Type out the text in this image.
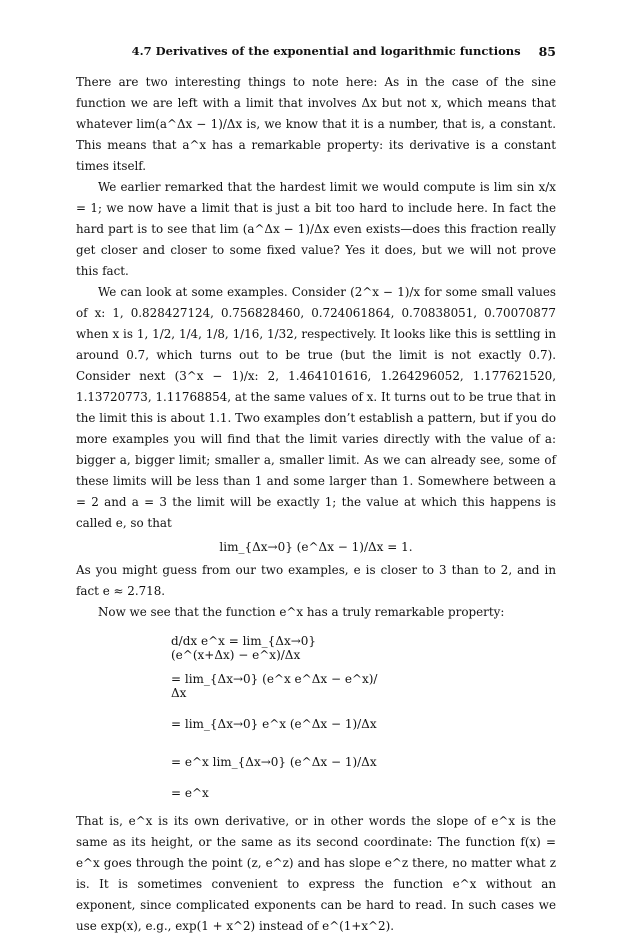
4.7 Derivatives of the exponential and logarithmic functions 85

There are two interesting things to note here: As in the case of the sine function we are left with a limit that involves Δx but not x, which means that whatever lim(a^Δx − 1)/Δx is, we know that it is a number, that is, a constant. This means that a^x has a remarkable property: its derivative is a constant times itself.

We earlier remarked that the hardest limit we would compute is lim sin x/x = 1; we now have a limit that is just a bit too hard to include here. In fact the hard part is to see that lim (a^Δx − 1)/Δx even exists—does this fraction really get closer and closer to some fixed value? Yes it does, but we will not prove this fact.

We can look at some examples. Consider (2^x − 1)/x for some small values of x: 1, 0.828427124, 0.756828460, 0.724061864, 0.70838051, 0.70070877 when x is 1, 1/2, 1/4, 1/8, 1/16, 1/32, respectively. It looks like this is settling in around 0.7, which turns out to be true (but the limit is not exactly 0.7). Consider next (3^x − 1)/x: 2, 1.464101616, 1.264296052, 1.177621520, 1.13720773, 1.11768854, at the same values of x. It turns out to be true that in the limit this is about 1.1. Two examples don’t establish a pattern, but if you do more examples you will find that the limit varies directly with the value of a: bigger a, bigger limit; smaller a, smaller limit. As we can already see, some of these limits will be less than 1 and some larger than 1. Somewhere between a = 2 and a = 3 the limit will be exactly 1; the value at which this happens is called e, so that

lim_{Δx→0} (e^Δx − 1)/Δx = 1.

As you might guess from our two examples, e is closer to 3 than to 2, and in fact e ≈ 2.718.

Now we see that the function e^x has a truly remarkable property:

d/dx e^x = lim_{Δx→0} (e^(x+Δx) − e^x)/Δx
= lim_{Δx→0} (e^x e^Δx − e^x)/Δx
= lim_{Δx→0} e^x (e^Δx − 1)/Δx
= e^x lim_{Δx→0} (e^Δx − 1)/Δx
= e^x

That is, e^x is its own derivative, or in other words the slope of e^x is the same as its height, or the same as its second coordinate: The function f(x) = e^x goes through the point (z, e^z) and has slope e^z there, no matter what z is. It is sometimes convenient to express the function e^x without an exponent, since complicated exponents can be hard to read. In such cases we use exp(x), e.g., exp(1 + x^2) instead of e^(1+x^2).
